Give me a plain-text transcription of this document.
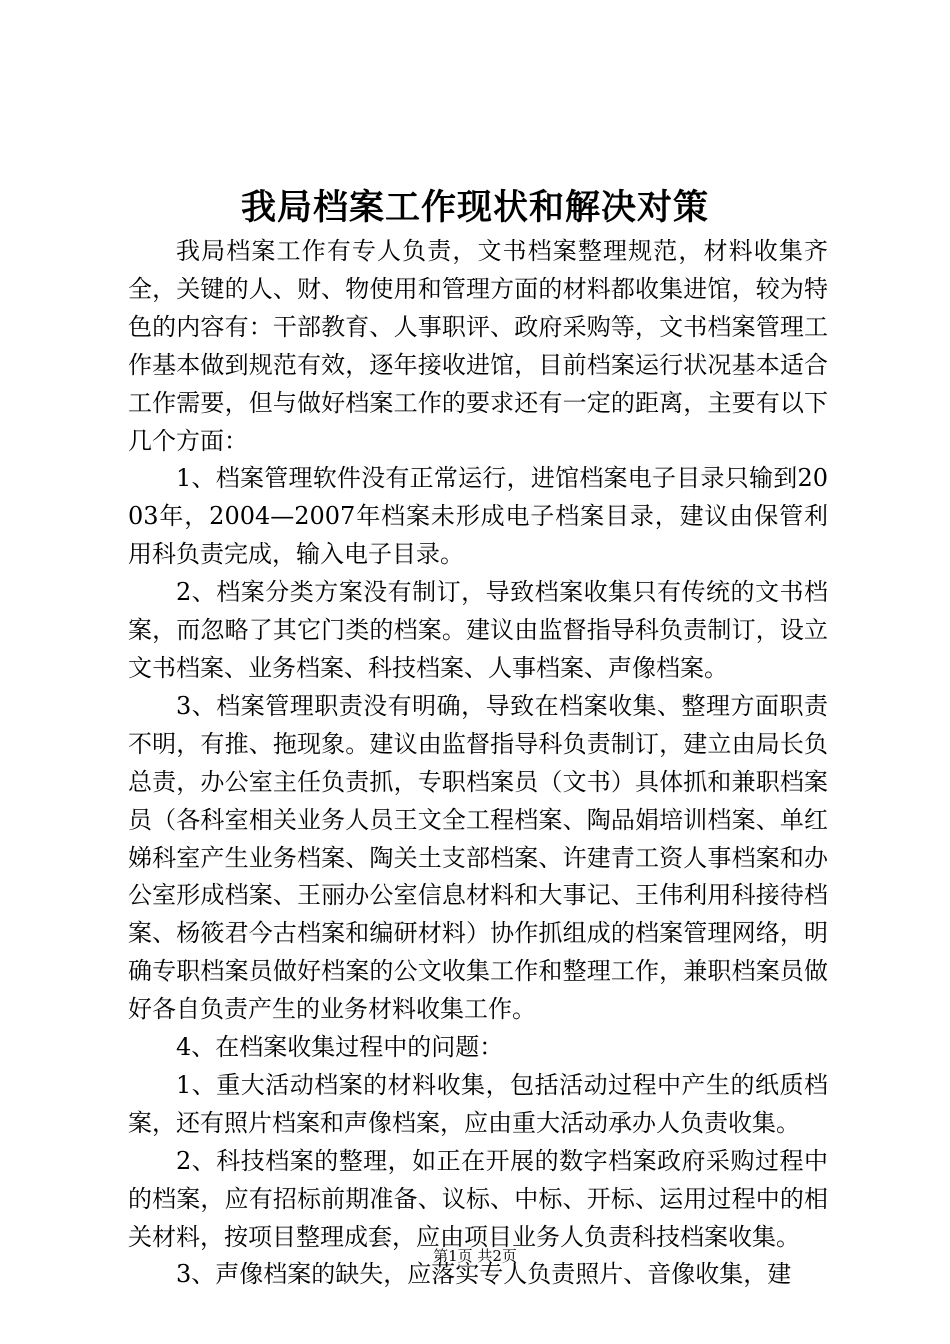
我局档案工作现状和解决对策

我局档案工作有专人负责，文书档案整理规范，材料收集齐全，关键的人、财、物使用和管理方面的材料都收集进馆，较为特色的内容有：干部教育、人事职评、政府采购等，文书档案管理工作基本做到规范有效，逐年接收进馆，目前档案运行状况基本适合工作需要，但与做好档案工作的要求还有一定的距离，主要有以下几个方面：

1、档案管理软件没有正常运行，进馆档案电子目录只输到2003年，2004—2007年档案未形成电子档案目录，建议由保管利用科负责完成，输入电子目录。

2、档案分类方案没有制订，导致档案收集只有传统的文书档案，而忽略了其它门类的档案。建议由监督指导科负责制订，设立文书档案、业务档案、科技档案、人事档案、声像档案。

3、档案管理职责没有明确，导致在档案收集、整理方面职责不明，有推、拖现象。建议由监督指导科负责制订，建立由局长负总责，办公室主任负责抓，专职档案员（文书）具体抓和兼职档案员（各科室相关业务人员王文全工程档案、陶品娟培训档案、单红娣科室产生业务档案、陶关土支部档案、许建青工资人事档案和办公室形成档案、王丽办公室信息材料和大事记、王伟利用科接待档案、杨筱君今古档案和编研材料）协作抓组成的档案管理网络，明确专职档案员做好档案的公文收集工作和整理工作，兼职档案员做好各自负责产生的业务材料收集工作。

4、在档案收集过程中的问题：

1、重大活动档案的材料收集，包括活动过程中产生的纸质档案，还有照片档案和声像档案，应由重大活动承办人负责收集。

2、科技档案的整理，如正在开展的数字档案政府采购过程中的档案，应有招标前期准备、议标、中标、开标、运用过程中的相关材料，按项目整理成套，应由项目业务人负责科技档案收集。

3、声像档案的缺失，应落实专人负责照片、音像收集，建

第1页 共2页
